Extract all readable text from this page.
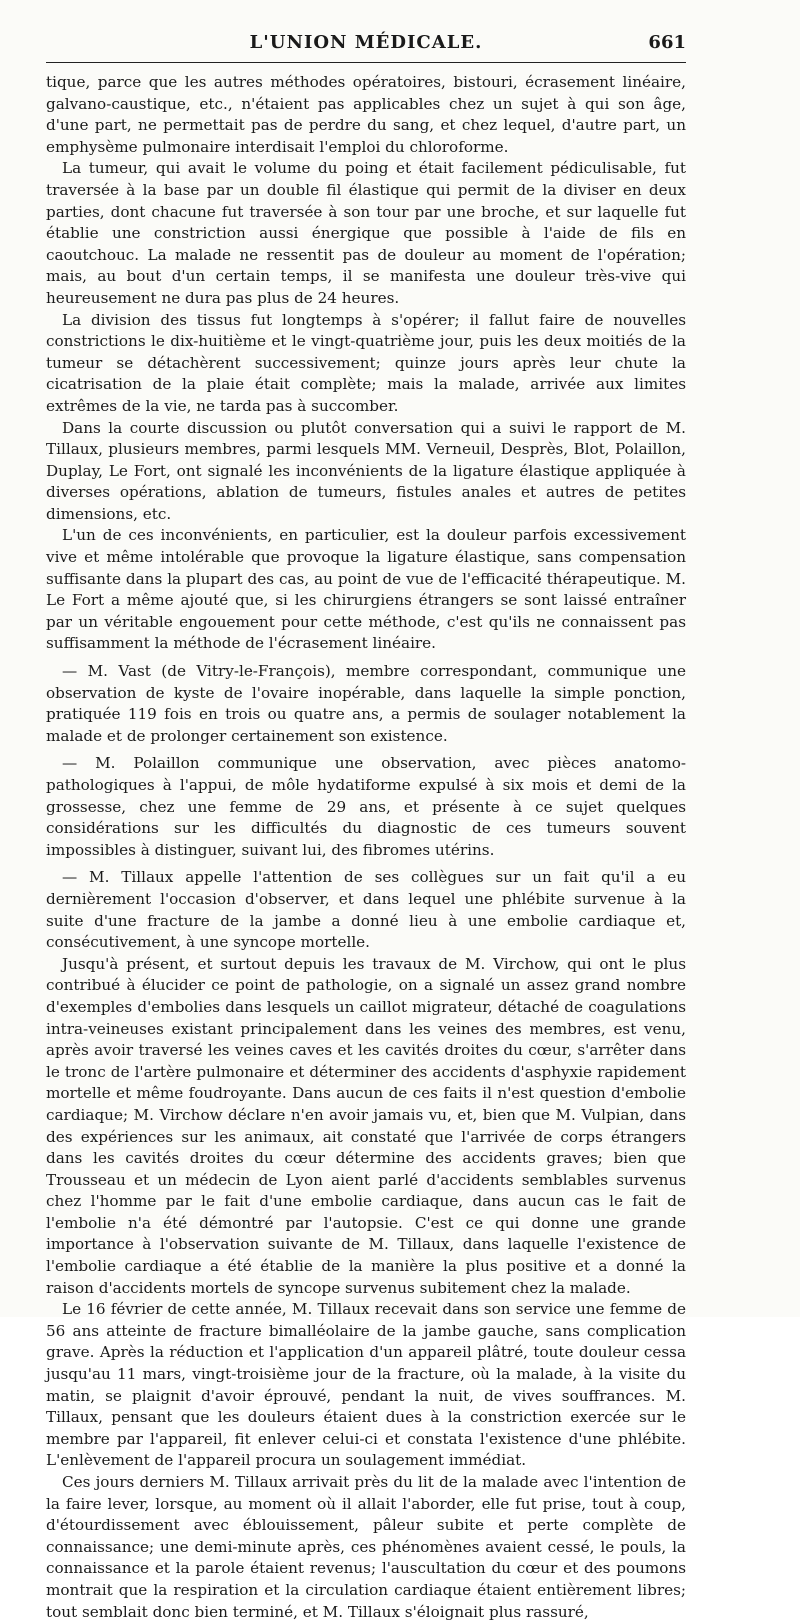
L'UNION MÉDICALE.	661

tique, parce que les autres méthodes opératoires, bistouri, écrasement linéaire, galvano-caustique, etc., n'étaient pas applicables chez un sujet à qui son âge, d'une part, ne permettait pas de perdre du sang, et chez lequel, d'autre part, un emphysème pulmonaire interdisait l'emploi du chloroforme.

La tumeur, qui avait le volume du poing et était facilement pédiculisable, fut traversée à la base par un double fil élastique qui permit de la diviser en deux parties, dont chacune fut traversée à son tour par une broche, et sur laquelle fut établie une constriction aussi énergique que possible à l'aide de fils en caoutchouc. La malade ne ressentit pas de douleur au moment de l'opération; mais, au bout d'un certain temps, il se manifesta une douleur très-vive qui heureusement ne dura pas plus de 24 heures.

La division des tissus fut longtemps à s'opérer; il fallut faire de nouvelles constrictions le dix-huitième et le vingt-quatrième jour, puis les deux moitiés de la tumeur se détachèrent successivement; quinze jours après leur chute la cicatrisation de la plaie était complète; mais la malade, arrivée aux limites extrêmes de la vie, ne tarda pas à succomber.

Dans la courte discussion ou plutôt conversation qui a suivi le rapport de M. Tillaux, plusieurs membres, parmi lesquels MM. Verneuil, Desprès, Blot, Polaillon, Duplay, Le Fort, ont signalé les inconvénients de la ligature élastique appliquée à diverses opérations, ablation de tumeurs, fistules anales et autres de petites dimensions, etc.

L'un de ces inconvénients, en particulier, est la douleur parfois excessivement vive et même intolérable que provoque la ligature élastique, sans compensation suffisante dans la plupart des cas, au point de vue de l'efficacité thérapeutique. M. Le Fort a même ajouté que, si les chirurgiens étrangers se sont laissé entraîner par un véritable engouement pour cette méthode, c'est qu'ils ne connaissent pas suffisamment la méthode de l'écrasement linéaire.

— M. Vast (de Vitry-le-François), membre correspondant, communique une observation de kyste de l'ovaire inopérable, dans laquelle la simple ponction, pratiquée 119 fois en trois ou quatre ans, a permis de soulager notablement la malade et de prolonger certainement son existence.

— M. Polaillon communique une observation, avec pièces anatomo-pathologiques à l'appui, de môle hydatiforme expulsé à six mois et demi de la grossesse, chez une femme de 29 ans, et présente à ce sujet quelques considérations sur les difficultés du diagnostic de ces tumeurs souvent impossibles à distinguer, suivant lui, des fibromes utérins.

— M. Tillaux appelle l'attention de ses collègues sur un fait qu'il a eu dernièrement l'occasion d'observer, et dans lequel une phlébite survenue à la suite d'une fracture de la jambe a donné lieu à une embolie cardiaque et, consécutivement, à une syncope mortelle.

Jusqu'à présent, et surtout depuis les travaux de M. Virchow, qui ont le plus contribué à élucider ce point de pathologie, on a signalé un assez grand nombre d'exemples d'embolies dans lesquels un caillot migrateur, détaché de coagulations intra-veineuses existant principalement dans les veines des membres, est venu, après avoir traversé les veines caves et les cavités droites du cœur, s'arrêter dans le tronc de l'artère pulmonaire et déterminer des accidents d'asphyxie rapidement mortelle et même foudroyante. Dans aucun de ces faits il n'est question d'embolie cardiaque; M. Virchow déclare n'en avoir jamais vu, et, bien que M. Vulpian, dans des expériences sur les animaux, ait constaté que l'arrivée de corps étrangers dans les cavités droites du cœur détermine des accidents graves; bien que Trousseau et un médecin de Lyon aient parlé d'accidents semblables survenus chez l'homme par le fait d'une embolie cardiaque, dans aucun cas le fait de l'embolie n'a été démontré par l'autopsie. C'est ce qui donne une grande importance à l'observation suivante de M. Tillaux, dans laquelle l'existence de l'embolie cardiaque a été établie de la manière la plus positive et a donné la raison d'accidents mortels de syncope survenus subitement chez la malade.

Le 16 février de cette année, M. Tillaux recevait dans son service une femme de 56 ans atteinte de fracture bimalléolaire de la jambe gauche, sans complication grave. Après la réduction et l'application d'un appareil plâtré, toute douleur cessa jusqu'au 11 mars, vingt-troisième jour de la fracture, où la malade, à la visite du matin, se plaignit d'avoir éprouvé, pendant la nuit, de vives souffrances. M. Tillaux, pensant que les douleurs étaient dues à la constriction exercée sur le membre par l'appareil, fit enlever celui-ci et constata l'existence d'une phlébite. L'enlèvement de l'appareil procura un soulagement immédiat.

Ces jours derniers M. Tillaux arrivait près du lit de la malade avec l'intention de la faire lever, lorsque, au moment où il allait l'aborder, elle fut prise, tout à coup, d'étourdissement avec éblouissement, pâleur subite et perte complète de connaissance; une demi-minute après, ces phénomènes avaient cessé, le pouls, la connaissance et la parole étaient revenus; l'auscultation du cœur et des poumons montrait que la respiration et la circulation cardiaque étaient entièrement libres; tout semblait donc bien terminé, et M. Tillaux s'éloignait plus rassuré,
